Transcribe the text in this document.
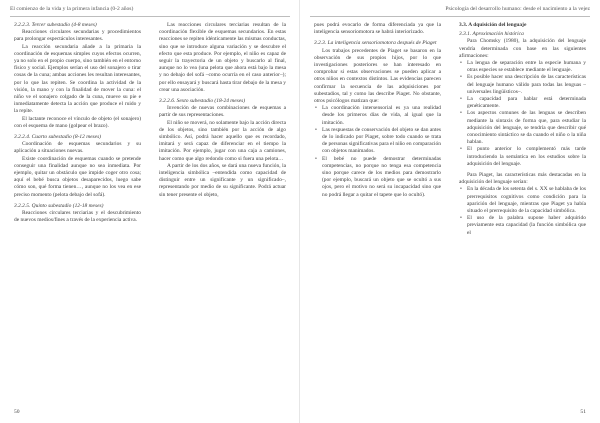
El comienzo de la vida y la primera infancia (0-2 años)

3.2.2.3. Tercer subestadio (4-8 meses)

Reacciones circulares secundarias y procedimientos para prolongar espectáculos interesantes.

La reacción secundaria añade a la primaria la coordinación de esquemas simples cuyos efectos ocurren, ya no solo en el propio cuerpo, sino también en el entorno físico y social. Ejemplos serían el uso del sonajero o tirar cosas de la cuna; ambas acciones les resultan interesantes, por lo que las repiten. Se coordina la actividad de la visión, la mano y con la finalidad de mover la cuna: el niño ve el sonajero colgado de la cuna, mueve su pie e inmediatamente detecta la acción que produce el ruido y la repite.

El lactante reconoce el vínculo de objeto (el sonajero) con el esquema de mano (golpear el brazo).

3.2.2.4. Cuarto subestadio (8-12 meses)

Coordinación de esquemas secundarios y su aplicación a situaciones nuevas.

Existe coordinación de esquemas cuando se pretende conseguir una finalidad aunque no sea inmediata. Por ejemplo, quitar un obstáculo que impide coger otro cosa; aquí el bebé busca objetos desaparecidos, luego sabe cómo son, qué forma tienen…, aunque no los vea en ese preciso momento (pelota debajo del sofá).

3.2.2.5. Quinto subestadio (12-18 meses)

Reacciones circulares terciarias y el descubrimiento de nuevos medios/fines a través de la experiencia activa.

Las reacciones circulares terciarias resultan de la coordinación flexible de esquemas secundarios. En estas reacciones se repiten idénticamente las mismas conductas, sino que se introduce alguna variación y se descubre el efecto que esta produce. Por ejemplo, el niño es capaz de seguir la trayectoria de un objeto y buscarlo al final, aunque no lo vea (una pelota que ahora está bajo la mesa y no debajo del sofá –como ocurría en el caso anterior–); por ello ensayará y buscará hasta tirar debajo de la mesa y crear una asociación.

3.2.2.6. Sexto subestadio (18-24 meses)

Invención de nuevas combinaciones de esquemas a partir de sus representaciones.

El niño se moverá, no solamente bajo la acción directa de los objetos, sino también por la acción de algo simbólico. Así, podrá hacer aquello que es recordado, imitará y será capaz de diferenciar en el tiempo la imitación. Por ejemplo, jugar con una caja a camiones, hacer como que algo redondo como si fuera una pelota…

A partir de los dos años, se dará una nueva función, la inteligencia simbólica –entendida como capacidad de distinguir entre un significante y un significado–, representando por medio de su significante. Podrá actuar sin tener presente el objeto,

50
Psicología del desarrollo humano: desde el nacimiento a la vejez

pues podrá evocarlo de forma diferenciada ya que la inteligencia sensoriomotora se habrá interiorizado.

3.2.3. La inteligencia sensoriomotora después de Piaget

Los trabajos precedentes de Piaget se basaron en la observación de sus propios hijos, por lo que investigaciones posteriores se han interesado en comprobar si estas observaciones se pueden aplicar a otros niños en contextos distintos. Las evidencias parecen confirmar la secuencia de las adquisiciones por subestadios, tal y como las describe Piaget. No obstante, otros psicólogos matizan que:

• La coordinación intersensorial es ya una realidad desde los primeros días de vida, al igual que la imitación.
• Las respuestas de conservación del objeto se dan antes de lo indicado por Piaget, sobre todo cuando se trata de personas significativas para el niño en comparación con objetos manimados.
• El bebé no puede demostrar determinadas competencias, no porque no tenga esa competencia sino porque carece de los medios para demostrarlo (por ejemplo, buscará un objeto que se ocultó a sus ojos, pero el motivo no será su incapacidad sino que no podrá llegar a quitar el tapete que lo ocultó).

3.3. A dquisición del lenguaje

3.3.1. Aproximación histórica

Para Chomsky (1980), la adquisición del lenguaje vendría determinada con base en las siguientes afirmaciones:

• La lengua de separación entre la especie humana y otras especies se establece mediante el lenguaje.
• Es posible hacer una descripción de las características del lenguaje humano válido para todas las lenguas –universales lingüísticos–.
• La capacidad para hablar está determinada genéticamente.
• Los aspectos comunes de las lenguas se describen mediante la sintaxis de forma que, para estudiar la adquisición del lenguaje, se tendría que describir qué conocimiento sintáctico se da cuando el niño o la niña hablan.
• El punto anterior lo complementó más tarde introduciendo la semántica en los estudios sobre la adquisición del lenguaje.

Para Piaget, las características más destacadas en la adquisición del lenguaje serían:

• En la década de los setenta del s. XX se hablaba de los prerrequisitos cognitivos como condición para la aparición del lenguaje, mientras que Piaget ya había situado el prerrequisito de la capacidad simbólica.
• El uso de la palabra supone haber adquirido previamente esta capacidad (la función simbólica que el
51
